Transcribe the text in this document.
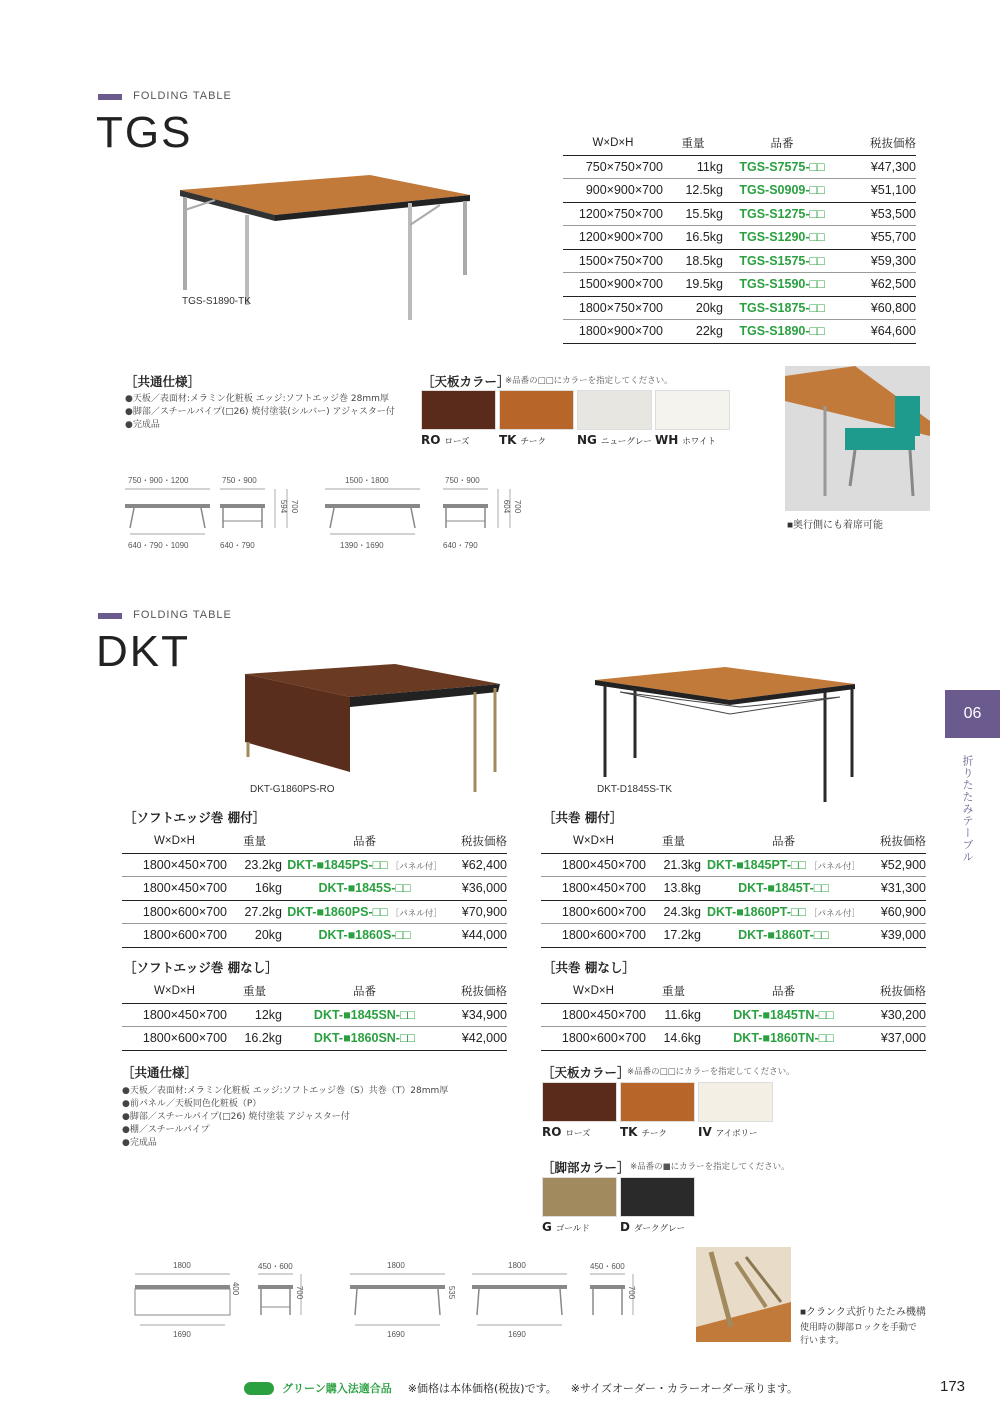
FOLDING TABLE
TGS
TGS-S1890-TK
W×D×H	重量	品番	税抜価格
750×750×700	11kg	TGS-S7575-□□	¥47,300
900×900×700	12.5kg	TGS-S0909-□□	¥51,100
1200×750×700	15.5kg	TGS-S1275-□□	¥53,500
1200×900×700	16.5kg	TGS-S1290-□□	¥55,700
1500×750×700	18.5kg	TGS-S1575-□□	¥59,300
1500×900×700	19.5kg	TGS-S1590-□□	¥62,500
1800×750×700	20kg	TGS-S1875-□□	¥60,800
1800×900×700	22kg	TGS-S1890-□□	¥64,600
［共通仕様］
●天板／表面材:メラミン化粧板 エッジ:ソフトエッジ巻 28mm厚
●脚部／スチールパイプ(□26) 焼付塗装(シルバー) アジャスター付
●完成品
［天板カラー］
※品番の□□にカラーを指定してください。
RO ローズ	TK チーク	NG ニューグレー WH ホワイト
■奥行側にも着席可能
750・900・1200
640・790・1090
750・900
594 700
640・790
1500・1800
1390・1690
750・900
604 700
640・790
FOLDING TABLE
DKT
DKT-G1860PS-RO	DKT-D1845S-TK
［ソフトエッジ巻 棚付］
W×D×H	重量	品番	税抜価格
1800×450×700	23.2kg DKT-■1845PS-□□ ［パネル付］	¥62,400
1800×450×700	16kg	DKT-■1845S-□□	¥36,000
1800×600×700	27.2kg DKT-■1860PS-□□ ［パネル付］	¥70,900
1800×600×700	20kg	DKT-■1860S-□□	¥44,000
［共巻 棚付］
W×D×H	重量	品番	税抜価格
1800×450×700	21.3kg DKT-■1845PT-□□ ［パネル付］	¥52,900
1800×450×700	13.8kg	DKT-■1845T-□□	¥31,300
1800×600×700	24.3kg DKT-■1860PT-□□ ［パネル付］	¥60,900
1800×600×700	17.2kg	DKT-■1860T-□□	¥39,000
［ソフトエッジ巻 棚なし］
W×D×H	重量	品番	税抜価格
1800×450×700	12kg	DKT-■1845SN-□□	¥34,900
1800×600×700	16.2kg	DKT-■1860SN-□□	¥42,000
［共巻 棚なし］
W×D×H	重量	品番	税抜価格
1800×450×700	11.6kg	DKT-■1845TN-□□	¥30,200
1800×600×700	14.6kg	DKT-■1860TN-□□	¥37,000
［共通仕様］
●天板／表面材:メラミン化粧板 エッジ:ソフトエッジ巻（S）共巻（T）28mm厚
●前パネル／天板同色化粧板（P）
●脚部／スチールパイプ(□26) 焼付塗装 アジャスター付
●棚／スチールパイプ
●完成品
［天板カラー］
※品番の□□にカラーを指定してください。
RO ローズ	TK チーク	IV アイボリー
［脚部カラー］ ※品番の■にカラーを指定してください。
G ゴールド	D ダークグレー
1800
400
1690
450・600
700
1800
535
1690
1800
1690
450・600
700
■クランク式折りたたみ機構
使用時の脚部ロックを手動で
行います。
06
折りたたみテーブル
グリーン購入法適合品 ※価格は本体価格(税抜)です。 ※サイズオーダー・カラーオーダー承ります。	173
